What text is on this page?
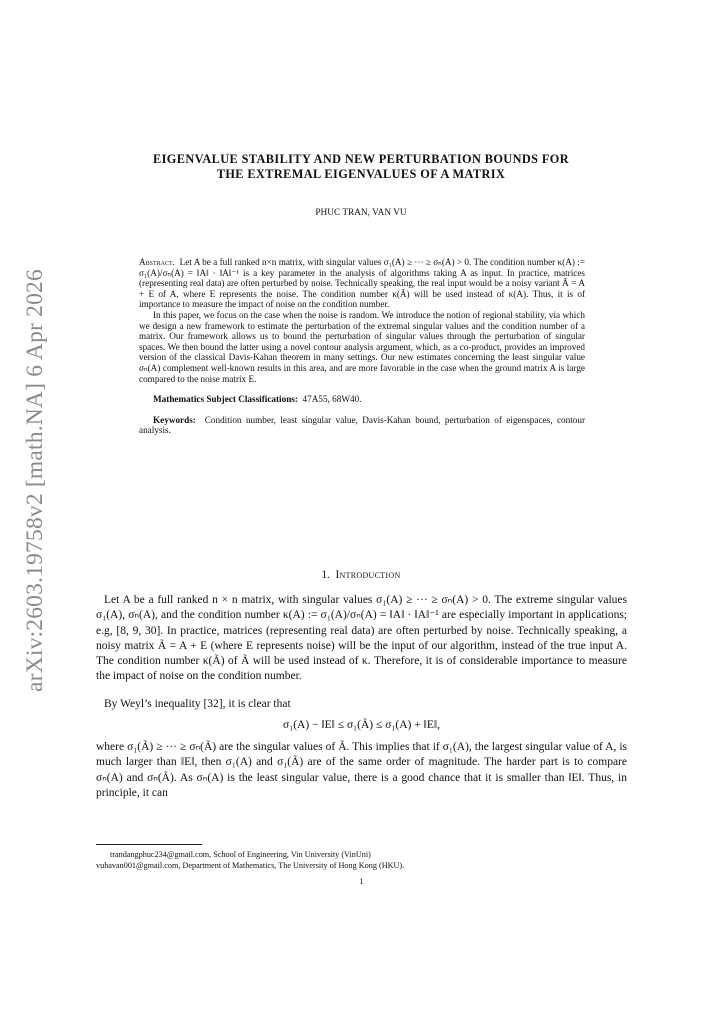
arXiv:2603.19758v2 [math.NA] 6 Apr 2026
EIGENVALUE STABILITY AND NEW PERTURBATION BOUNDS FOR
THE EXTREMAL EIGENVALUES OF A MATRIX
PHUC TRAN, VAN VU

Abstract. Let A be a full ranked n×n matrix, with singular values σ₁(A) ≥ ··· ≥ σₙ(A) > 0. The condition number κ(A) := σ₁(A)/σₙ(A) = ‖A‖ · ‖A‖⁻¹ is a key parameter in the analysis of algorithms taking A as input. In practice, matrices (representing real data) are often perturbed by noise. Technically speaking, the real input would be a noisy variant Ã = A + E of A, where E represents the noise. The condition number κ(Ã) will be used instead of κ(A). Thus, it is of importance to measure the impact of noise on the condition number.

In this paper, we focus on the case when the noise is random. We introduce the notion of regional stability, via which we design a new framework to estimate the perturbation of the extremal singular values and the condition number of a matrix. Our framework allows us to bound the perturbation of singular values through the perturbation of singular spaces. We then bound the latter using a novel contour analysis argument, which, as a co-product, provides an improved version of the classical Davis-Kahan theorem in many settings. Our new estimates concerning the least singular value σₙ(A) complement well-known results in this area, and are more favorable in the case when the ground matrix A is large compared to the noise matrix E.

Mathematics Subject Classifications: 47A55, 68W40.

Keywords: Condition number, least singular value, Davis-Kahan bound, perturbation of eigenspaces, contour analysis.

1. Introduction

Let A be a full ranked n × n matrix, with singular values σ₁(A) ≥ ··· ≥ σₙ(A) > 0. The extreme singular values σ₁(A), σₙ(A), and the condition number κ(A) := σ₁(A)/σₙ(A) = ‖A‖ · ‖A‖⁻¹ are especially important in applications; e.g, [8, 9, 30]. In practice, matrices (representing real data) are often perturbed by noise. Technically speaking, a noisy matrix Ã = A + E (where E represents noise) will be the input of our algorithm, instead of the true input A. The condition number κ(Ã) of Ã will be used instead of κ. Therefore, it is of considerable importance to measure the impact of noise on the condition number.

By Weyl’s inequality [32], it is clear that

σ₁(A) − ‖E‖ ≤ σ₁(Ã) ≤ σ₁(A) + ‖E‖,

where σ₁(Ã) ≥ ··· ≥ σₙ(Ã) are the singular values of Ã. This implies that if σ₁(A), the largest singular value of A, is much larger than ‖E‖, then σ₁(A) and σ₁(Ã) are of the same order of magnitude. The harder part is to compare σₙ(A) and σₙ(Ã). As σₙ(A) is the least singular value, there is a good chance that it is smaller than ‖E‖. Thus, in principle, it can

trandangphuc234@gmail.com, School of Engineering, Vin University (VinUni)

vuhavan001@gmail.com, Department of Mathematics, The University of Hong Kong (HKU).

1
